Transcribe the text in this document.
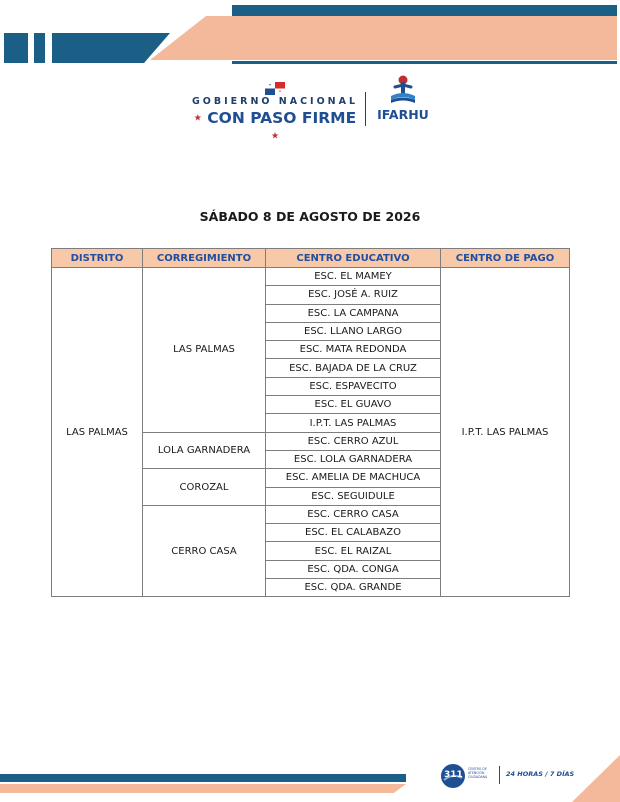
GOBIERNO NACIONAL
★ CON PASO FIRME ★
IFARHU
SÁBADO 8 DE AGOSTO DE 2026
DISTRITO	CORREGIMIENTO	CENTRO EDUCATIVO	CENTRO DE PAGO
LAS PALMAS	LAS PALMAS	ESC. EL MAMEY	I.P.T. LAS PALMAS
		ESC. JOSÉ A. RUIZ	
		ESC. LA CAMPANA	
		ESC. LLANO LARGO	
		ESC. MATA REDONDA	
		ESC. BAJADA DE LA CRUZ	
		ESC. ESPAVECITO	
		ESC. EL GUAVO	
		I.P.T. LAS PALMAS	
	LOLA GARNADERA	ESC. CERRO AZUL	
		ESC. LOLA GARNADERA	
	COROZAL	ESC. AMELIA DE MACHUCA	
		ESC. SEGUIDULE	
	CERRO CASA	ESC. CERRO CASA	
		ESC. EL CALABAZO	
		ESC. EL RAIZAL	
		ESC. QDA. CONGA	
		ESC. QDA. GRANDE	
311
CENTRO DE ATENCIÓN CIUDADANA	24 HORAS / 7 DÍAS
